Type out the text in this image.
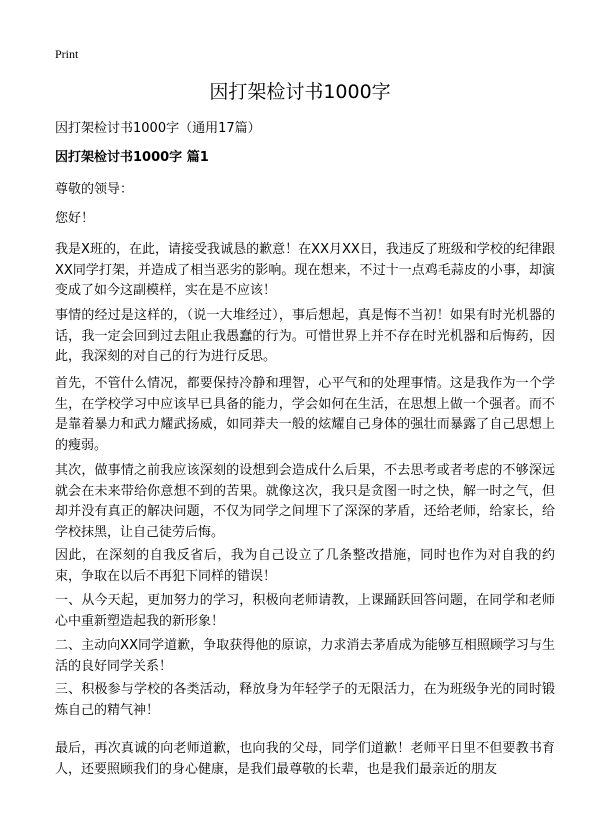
Print
因打架检讨书1000字
因打架检讨书1000字（通用17篇）
因打架检讨书1000字 篇1
尊敬的领导：
您好！

我是X班的，在此，请接受我诚恳的歉意！在XX月XX日，我违反了班级和学校的纪律跟XX同学打架，并造成了相当恶劣的影响。现在想来，不过十一点鸡毛蒜皮的小事，却演变成了如今这副模样，实在是不应该！

事情的经过是这样的，（说一大堆经过），事后想起，真是悔不当初！如果有时光机器的话，我一定会回到过去阻止我愚蠢的行为。可惜世界上并不存在时光机器和后悔药，因此，我深刻的对自己的行为进行反思。

首先，不管什么情况，都要保持冷静和理智，心平气和的处理事情。这是我作为一个学生，在学校学习中应该早已具备的能力，学会如何在生活，在思想上做一个强者。而不是靠着暴力和武力耀武扬威，如同莽夫一般的炫耀自己身体的强壮而暴露了自己思想上的瘦弱。

其次，做事情之前我应该深刻的设想到会造成什么后果，不去思考或者考虑的不够深远就会在未来带给你意想不到的苦果。就像这次，我只是贪图一时之快，解一时之气，但却并没有真正的解决问题，不仅为同学之间埋下了深深的茅盾，还给老师，给家长，给学校抹黑，让自己徒劳后悔。

因此，在深刻的自我反省后，我为自己设立了几条整改措施，同时也作为对自我的约束，争取在以后不再犯下同样的错误！

一、从今天起，更加努力的学习，积极向老师请教，上课踊跃回答问题，在同学和老师心中重新塑造起我的新形象！

二、主动向XX同学道歉，争取获得他的原谅，力求消去茅盾成为能够互相照顾学习与生活的良好同学关系！

三、积极参与学校的各类活动，释放身为年轻学子的无限活力，在为班级争光的同时锻炼自己的精气神！

最后，再次真诚的向老师道歉，也向我的父母，同学们道歉！老师平日里不但要教书育人，还要照顾我们的身心健康，是我们最尊敬的长辈，也是我们最亲近的朋友
